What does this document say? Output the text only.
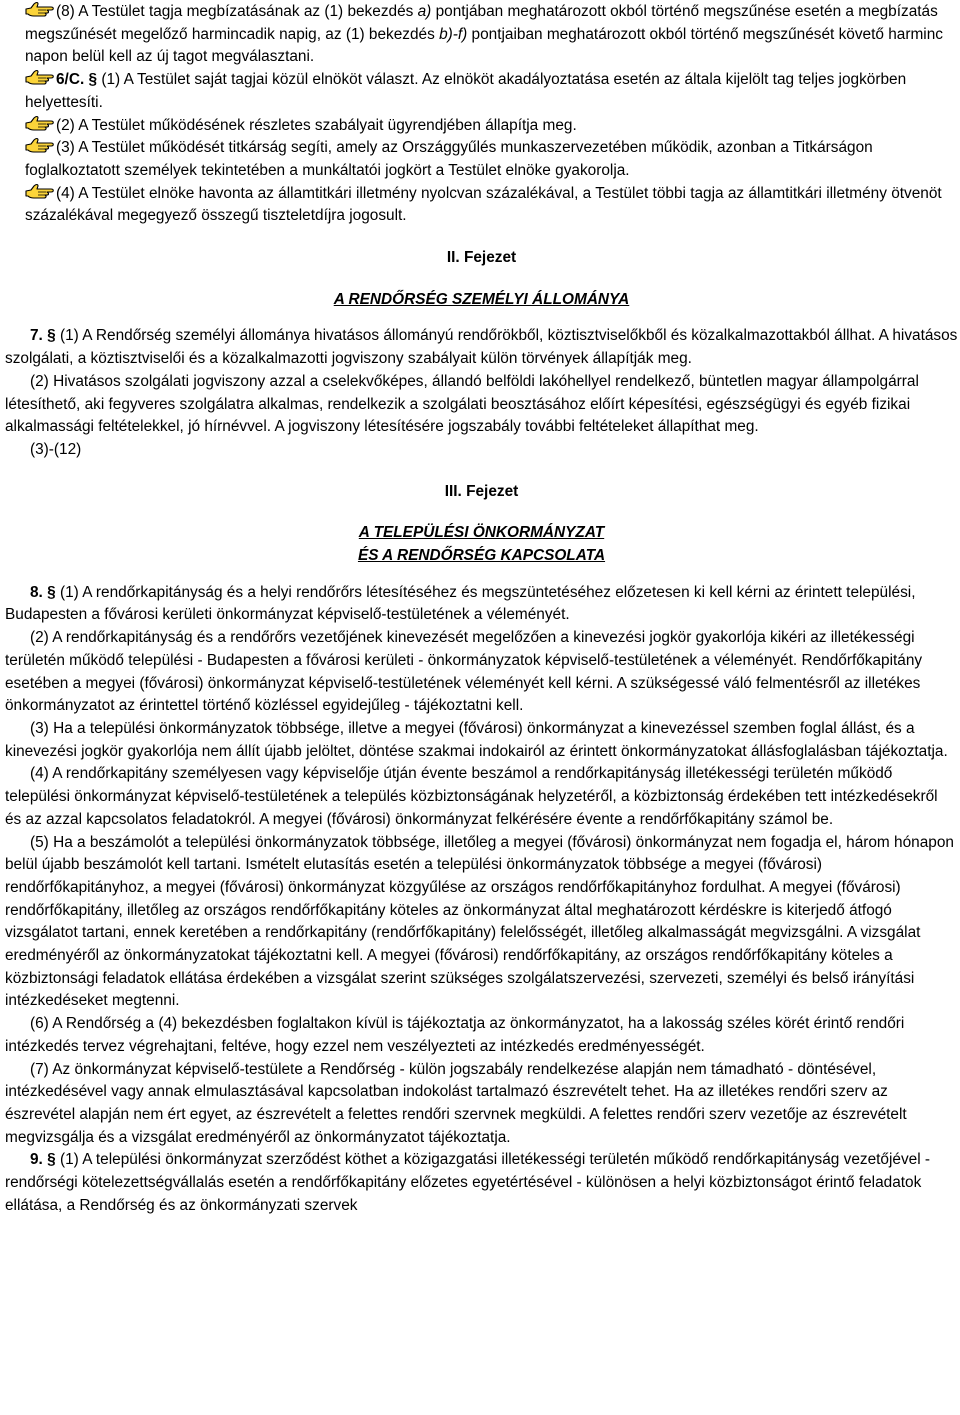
(8) A Testület tagja megbízatásának az (1) bekezdés a) pontjában meghatározott okból történő megszűnése esetén a megbízatás megszűnését megelőző harmincadik napig, az (1) bekezdés b)-f) pontjaiban meghatározott okból történő megszűnését követő harminc napon belül kell az új tagot megválasztani.

6/C. § (1) A Testület saját tagjai közül elnököt választ. Az elnököt akadályoztatása esetén az általa kijelölt tag teljes jogkörben helyettesíti.

(2) A Testület működésének részletes szabályait ügyrendjében állapítja meg.

(3) A Testület működését titkárság segíti, amely az Országgyűlés munkaszervezetében működik, azonban a Titkárságon foglalkoztatott személyek tekintetében a munkáltatói jogkört a Testület elnöke gyakorolja.

(4) A Testület elnöke havonta az államtitkári illetmény nyolcvan százalékával, a Testület többi tagja az államtitkári illetmény ötvenöt százalékával megegyező összegű tiszteletdíjra jogosult.

II. Fejezet

A RENDŐRSÉG SZEMÉLYI ÁLLOMÁNYA

7. § (1) A Rendőrség személyi állománya hivatásos állományú rendőrökből, köztisztviselőkből és közalkalmazottakból állhat. A hivatásos szolgálati, a köztisztviselői és a közalkalmazotti jogviszony szabályait külön törvények állapítják meg.

(2) Hivatásos szolgálati jogviszony azzal a cselekvőképes, állandó belföldi lakóhellyel rendelkező, büntetlen magyar állampolgárral létesíthető, aki fegyveres szolgálatra alkalmas, rendelkezik a szolgálati beosztásához előírt képesítési, egészségügyi és egyéb fizikai alkalmassági feltételekkel, jó hírnévvel. A jogviszony létesítésére jogszabály további feltételeket állapíthat meg.

(3)-(12)

III. Fejezet

A TELEPÜLÉSI ÖNKORMÁNYZAT

ÉS A RENDŐRSÉG KAPCSOLATA

8. § (1) A rendőrkapitányság és a helyi rendőrőrs létesítéséhez és megszüntetéséhez előzetesen ki kell kérni az érintett települési, Budapesten a fővárosi kerületi önkormányzat képviselő-testületének a véleményét.

(2) A rendőrkapitányság és a rendőrőrs vezetőjének kinevezését megelőzően a kinevezési jogkör gyakorlója kikéri az illetékességi területén működő települési - Budapesten a fővárosi kerületi - önkormányzatok képviselő-testületének a véleményét. Rendőrfőkapitány esetében a megyei (fővárosi) önkormányzat képviselő-testületének véleményét kell kérni. A szükségessé váló felmentésről az illetékes önkormányzatot az érintettel történő közléssel egyidejűleg - tájékoztatni kell.

(3) Ha a települési önkormányzatok többsége, illetve a megyei (fővárosi) önkormányzat a kinevezéssel szemben foglal állást, és a kinevezési jogkör gyakorlója nem állít újabb jelöltet, döntése szakmai indokairól az érintett önkormányzatokat állásfoglalásban tájékoztatja.

(4) A rendőrkapitány személyesen vagy képviselője útján évente beszámol a rendőrkapitányság illetékességi területén működő települési önkormányzat képviselő-testületének a település közbiztonságának helyzetéről, a közbiztonság érdekében tett intézkedésekről és az azzal kapcsolatos feladatokról. A megyei (fővárosi) önkormányzat felkérésére évente a rendőrfőkapitány számol be.

(5) Ha a beszámolót a települési önkormányzatok többsége, illetőleg a megyei (fővárosi) önkormányzat nem fogadja el, három hónapon belül újabb beszámolót kell tartani. Ismételt elutasítás esetén a települési önkormányzatok többsége a megyei (fővárosi) rendőrfőkapitányhoz, a megyei (fővárosi) önkormányzat közgyűlése az országos rendőrfőkapitányhoz fordulhat. A megyei (fővárosi) rendőrfőkapitány, illetőleg az országos rendőrfőkapitány köteles az önkormányzat által meghatározott kérdéskre is kiterjedő átfogó vizsgálatot tartani, ennek keretében a rendőrkapitány (rendőrfőkapitány) felelősségét, illetőleg alkalmasságát megvizsgálni. A vizsgálat eredményéről az önkormányzatokat tájékoztatni kell. A megyei (fővárosi) rendőrfőkapitány, az országos rendőrfőkapitány köteles a közbiztonsági feladatok ellátása érdekében a vizsgálat szerint szükséges szolgálatszervezési, szervezeti, személyi és belső irányítási intézkedéseket megtenni.

(6) A Rendőrség a (4) bekezdésben foglaltakon kívül is tájékoztatja az önkormányzatot, ha a lakosság széles körét érintő rendőri intézkedés tervez végrehajtani, feltéve, hogy ezzel nem veszélyezteti az intézkedés eredményességét.

(7) Az önkormányzat képviselő-testülete a Rendőrség - külön jogszabály rendelkezése alapján nem támadható - döntésével, intézkedésével vagy annak elmulasztásával kapcsolatban indokolást tartalmazó észrevételt tehet. Ha az illetékes rendőri szerv az észrevétel alapján nem ért egyet, az észrevételt a felettes rendőri szervnek megküldi. A felettes rendőri szerv vezetője az észrevételt megvizsgálja és a vizsgálat eredményéről az önkormányzatot tájékoztatja.

9. § (1) A települési önkormányzat szerződést köthet a közigazgatási illetékességi területén működő rendőrkapitányság vezetőjével - rendőrségi kötelezettségvállalás esetén a rendőrfőkapitány előzetes egyetértésével - különösen a helyi közbiztonságot érintő feladatok ellátása, a Rendőrség és az önkormányzati szervek
